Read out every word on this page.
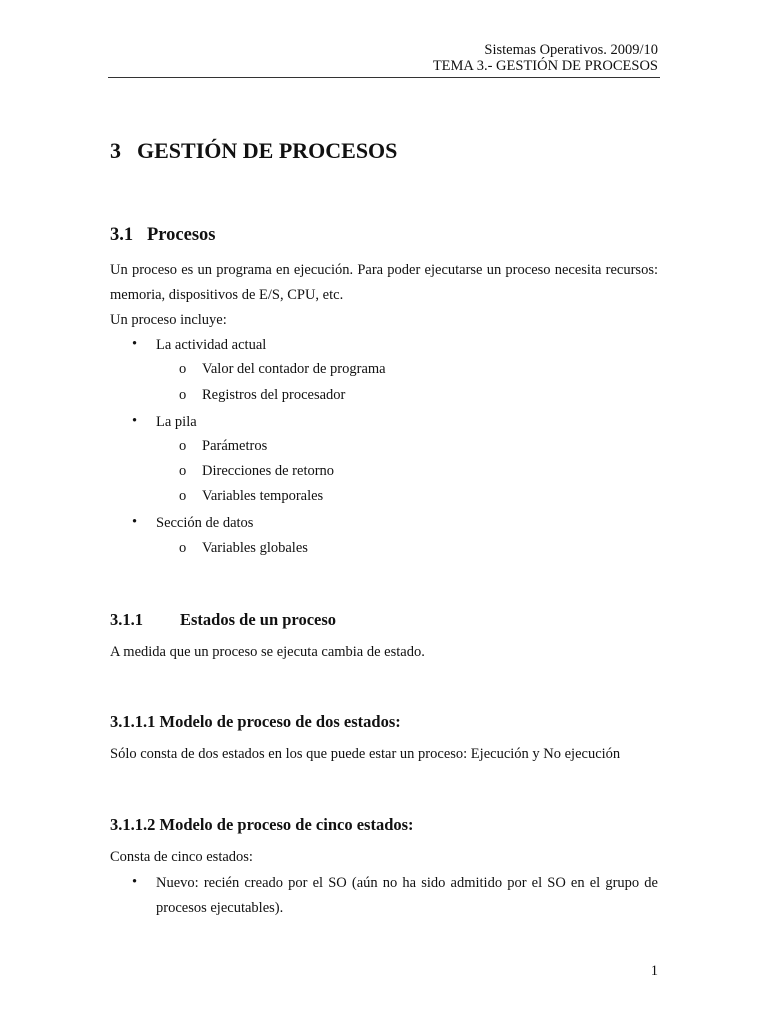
Sistemas Operativos. 2009/10
TEMA 3.- GESTIÓN DE PROCESOS
3 GESTIÓN DE PROCESOS
3.1 Procesos
Un proceso es un programa en ejecución. Para poder ejecutarse un proceso necesita recursos: memoria, dispositivos de E/S, CPU, etc.
Un proceso incluye:
• La actividad actual
o Valor del contador de programa
o Registros del procesador
• La pila
o Parámetros
o Direcciones de retorno
o Variables temporales
• Sección de datos
o Variables globales
3.1.1 Estados de un proceso
A medida que un proceso se ejecuta cambia de estado.
3.1.1.1 Modelo de proceso de dos estados:
Sólo consta de dos estados en los que puede estar un proceso: Ejecución y No ejecución
3.1.1.2 Modelo de proceso de cinco estados:
Consta de cinco estados:
• Nuevo: recién creado por el SO (aún no ha sido admitido por el SO en el grupo de procesos ejecutables).
1
